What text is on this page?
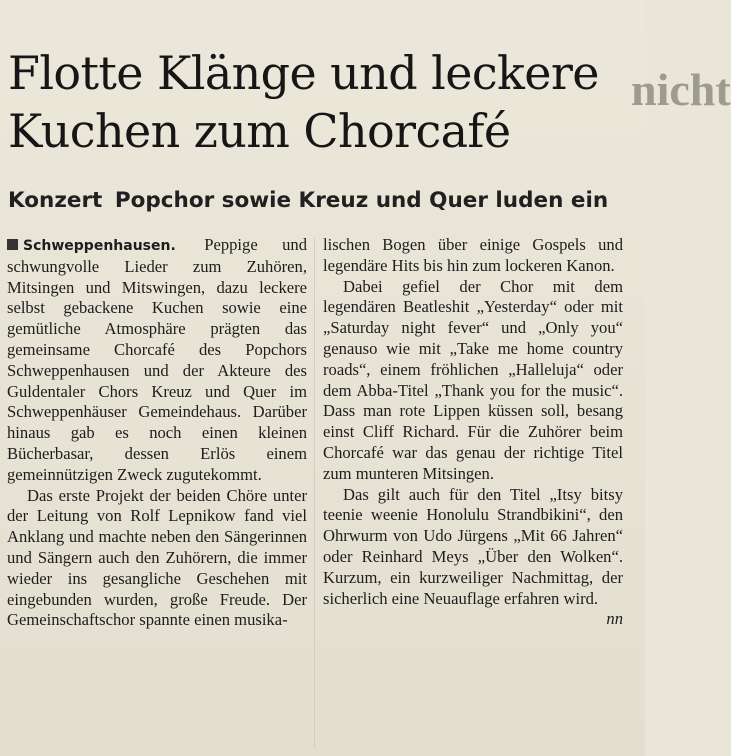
nicht
Flotte Klänge und leckere Kuchen zum Chorcafé
Konzert Popchor sowie Kreuz und Quer luden ein

Schweppenhausen. Peppige und schwungvolle Lieder zum Zuhören, Mitsingen und Mitswingen, dazu leckere selbst gebackene Kuchen sowie eine gemütliche Atmosphäre prägten das gemeinsame Chorcafé des Popchors Schweppenhausen und der Akteure des Guldentaler Chors Kreuz und Quer im Schweppenhäuser Gemeindehaus. Darüber hinaus gab es noch einen kleinen Bücherbasar, dessen Erlös einem gemeinnützigen Zweck zugutekommt.

Das erste Projekt der beiden Chöre unter der Leitung von Rolf Lepnikow fand viel Anklang und machte neben den Sängerinnen und Sängern auch den Zuhörern, die immer wieder ins gesangliche Geschehen mit eingebunden wurden, große Freude. Der Gemeinschaftschor spannte einen musika-

lischen Bogen über einige Gospels und legendäre Hits bis hin zum lockeren Kanon.

Dabei gefiel der Chor mit dem legendären Beatleshit „Yesterday“ oder mit „Saturday night fever“ und „Only you“ genauso wie mit „Take me home country roads“, einem fröhlichen „Halleluja“ oder dem Abba-Titel „Thank you for the music“. Dass man rote Lippen küssen soll, besang einst Cliff Richard. Für die Zuhörer beim Chorcafé war das genau der richtige Titel zum munteren Mitsingen.

Das gilt auch für den Titel „Itsy bitsy teenie weenie Honolulu Strandbikini“, den Ohrwurm von Udo Jürgens „Mit 66 Jahren“ oder Reinhard Meys „Über den Wolken“. Kurzum, ein kurzweiliger Nachmittag, der sicherlich eine Neuauflage erfahren wird.
nn
